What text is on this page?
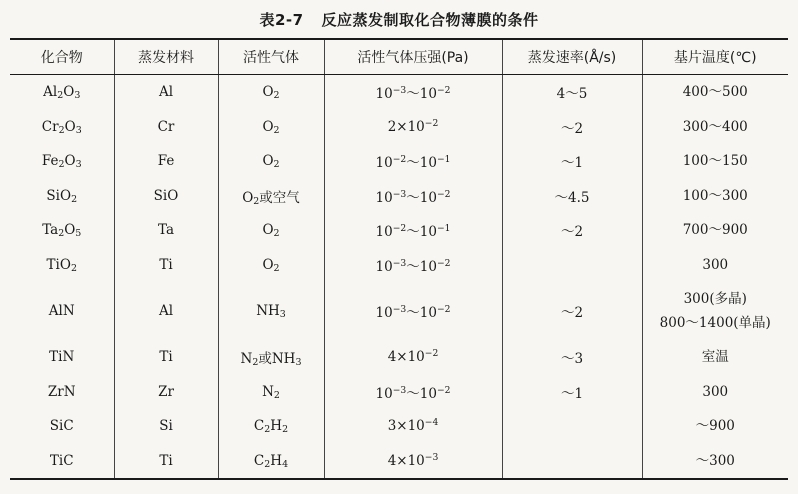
表2-7 反应蒸发制取化合物薄膜的条件
化合物	蒸发材料	活性气体	活性气体压强(Pa)	蒸发速率(Å/s)	基片温度(℃)
$Al_2O_3$	Al	$O_2$	$10^{-3}\sim 10^{-2}$	4～5	400～500

$Cr_2O_3$	Cr	$O_2$	$2\times 10^{-2}$	～2	300～400

$Fe_2O_3$	Fe	$O_2$	$10^{-2}\sim 10^{-1}$	～1	100～150

SiO$_2$	SiO	$O_2$或空气	$10^{-3}\sim 10^{-2}$	～4.5	100～300

$Ta_2O_5$	Ta	$O_2$	$10^{-2}\sim 10^{-1}$	～2	700～900

TiO$_2$	Ti	$O_2$	$10^{-3}\sim 10^{-2}$		300

AlN	Al	$NH_3$	$10^{-3}\sim 10^{-2}$	～2	300(多晶)
800～1400(单晶)

TiN	Ti	$N_2$或$NH_3$	$4\times 10^{-2}$	～3	室温

ZrN	Zr	$N_2$	$10^{-3}\sim 10^{-2}$	～1	300

SiC	Si	$C_2H_2$	$3\times 10^{-4}$		～900

TiC	Ti	$C_2H_4$	$4\times 10^{-3}$		～300
